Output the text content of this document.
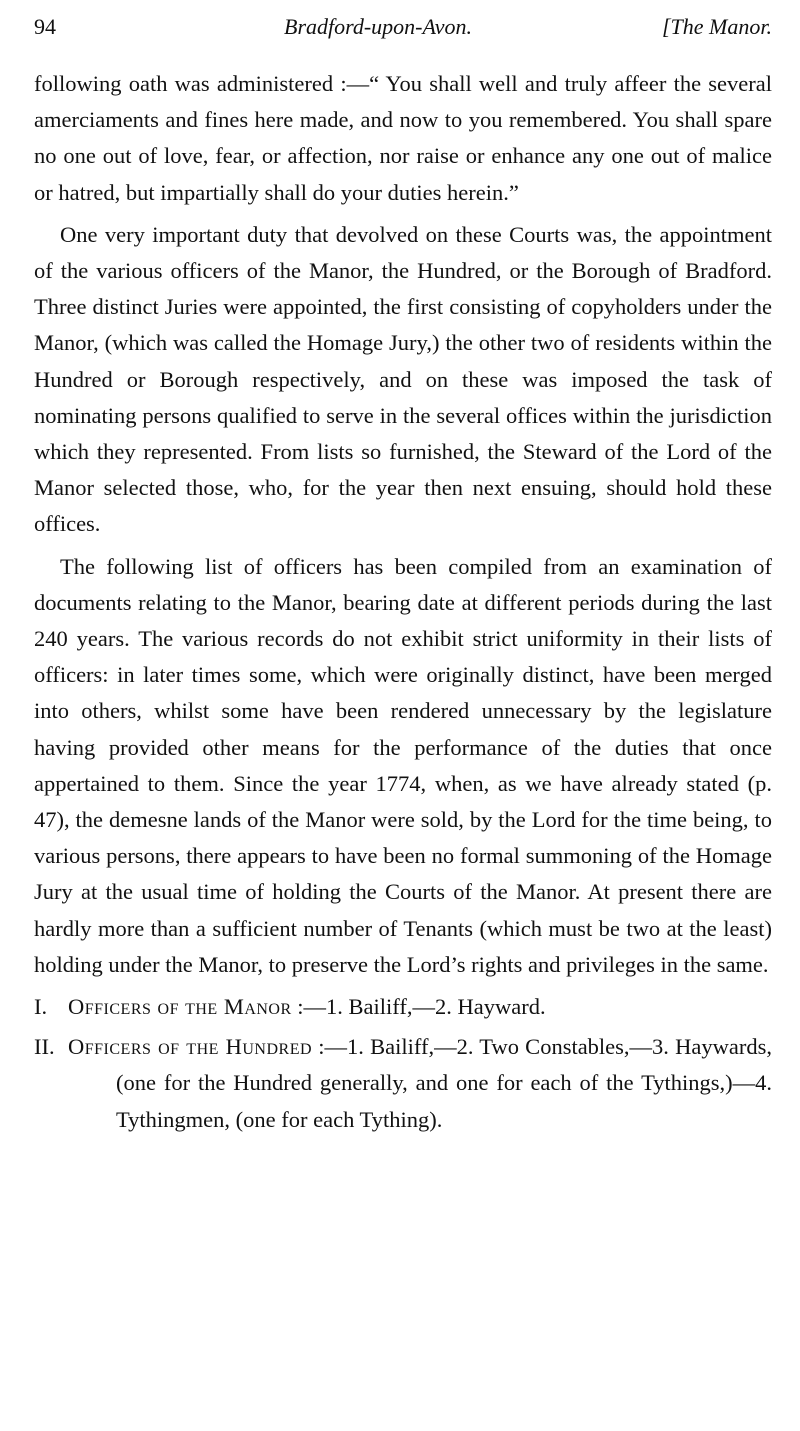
94	Bradford-upon-Avon.	[The Manor.

following oath was administered :—“ You shall well and truly affeer the several amerciaments and fines here made, and now to you remembered. You shall spare no one out of love, fear, or affection, nor raise or enhance any one out of malice or hatred, but impartially shall do your duties herein.”

One very important duty that devolved on these Courts was, the appointment of the various officers of the Manor, the Hundred, or the Borough of Bradford. Three distinct Juries were appointed, the first consisting of copyholders under the Manor, (which was called the Homage Jury,) the other two of residents within the Hundred or Borough respectively, and on these was imposed the task of nominating persons qualified to serve in the several offices within the jurisdiction which they represented. From lists so furnished, the Steward of the Lord of the Manor selected those, who, for the year then next ensuing, should hold these offices.

The following list of officers has been compiled from an examination of documents relating to the Manor, bearing date at different periods during the last 240 years. The various records do not exhibit strict uniformity in their lists of officers: in later times some, which were originally distinct, have been merged into others, whilst some have been rendered unnecessary by the legislature having provided other means for the performance of the duties that once appertained to them. Since the year 1774, when, as we have already stated (p. 47), the demesne lands of the Manor were sold, by the Lord for the time being, to various persons, there appears to have been no formal summoning of the Homage Jury at the usual time of holding the Courts of the Manor. At present there are hardly more than a sufficient number of Tenants (which must be two at the least) holding under the Manor, to preserve the Lord’s rights and privileges in the same.

I. Officers of the Manor :—1. Bailiff,—2. Hayward.
II. Officers of the Hundred :—1. Bailiff,—2. Two Constables,—3. Haywards, (one for the Hundred generally, and one for each of the Tythings,)—4. Tythingmen, (one for each Tything).
